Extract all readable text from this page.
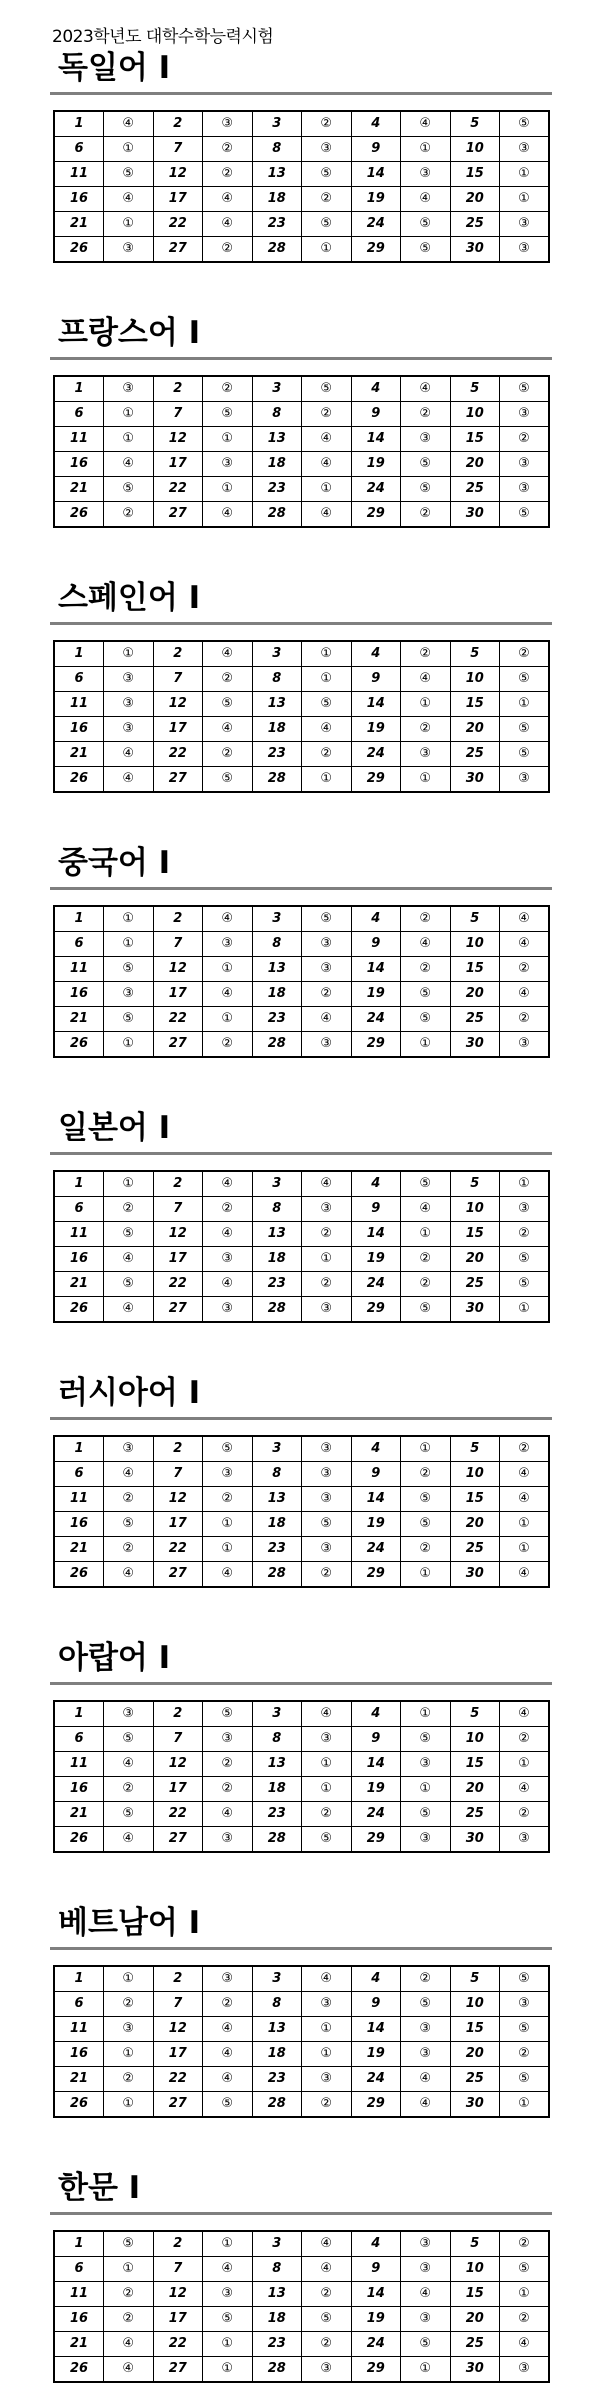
2023학년도 대학수학능력시험
독일어 I
1	④	2	③	3	②	4	④	5	⑤
6	①	7	②	8	③	9	①	10	③
11	⑤	12	②	13	⑤	14	③	15	①
16	④	17	④	18	②	19	④	20	①
21	①	22	④	23	⑤	24	⑤	25	③
26	③	27	②	28	①	29	⑤	30	③
프랑스어 I
1	③	2	②	3	⑤	4	④	5	⑤
6	①	7	⑤	8	②	9	②	10	③
11	①	12	①	13	④	14	③	15	②
16	④	17	③	18	④	19	⑤	20	③
21	⑤	22	①	23	①	24	⑤	25	③
26	②	27	④	28	④	29	②	30	⑤
스페인어 I
1	①	2	④	3	①	4	②	5	②
6	③	7	②	8	①	9	④	10	⑤
11	③	12	⑤	13	⑤	14	①	15	①
16	③	17	④	18	④	19	②	20	⑤
21	④	22	②	23	②	24	③	25	⑤
26	④	27	⑤	28	①	29	①	30	③
중국어 I
1	①	2	④	3	⑤	4	②	5	④
6	①	7	③	8	③	9	④	10	④
11	⑤	12	①	13	③	14	②	15	②
16	③	17	④	18	②	19	⑤	20	④
21	⑤	22	①	23	④	24	⑤	25	②
26	①	27	②	28	③	29	①	30	③
일본어 I
1	①	2	④	3	④	4	⑤	5	①
6	②	7	②	8	③	9	④	10	③
11	⑤	12	④	13	②	14	①	15	②
16	④	17	③	18	①	19	②	20	⑤
21	⑤	22	④	23	②	24	②	25	⑤
26	④	27	③	28	③	29	⑤	30	①
러시아어 I
1	③	2	⑤	3	③	4	①	5	②
6	④	7	③	8	③	9	②	10	④
11	②	12	②	13	③	14	⑤	15	④
16	⑤	17	①	18	⑤	19	⑤	20	①
21	②	22	①	23	③	24	②	25	①
26	④	27	④	28	②	29	①	30	④
아랍어 I
1	③	2	⑤	3	④	4	①	5	④
6	⑤	7	③	8	③	9	⑤	10	②
11	④	12	②	13	①	14	③	15	①
16	②	17	②	18	①	19	①	20	④
21	⑤	22	④	23	②	24	⑤	25	②
26	④	27	③	28	⑤	29	③	30	③
베트남어 I
1	①	2	③	3	④	4	②	5	⑤
6	②	7	②	8	③	9	⑤	10	③
11	③	12	④	13	①	14	③	15	⑤
16	①	17	④	18	①	19	③	20	②
21	②	22	④	23	③	24	④	25	⑤
26	①	27	⑤	28	②	29	④	30	①
한문 I
1	⑤	2	①	3	④	4	③	5	②
6	①	7	④	8	④	9	③	10	⑤
11	②	12	③	13	②	14	④	15	①
16	②	17	⑤	18	⑤	19	③	20	②
21	④	22	①	23	②	24	⑤	25	④
26	④	27	①	28	③	29	①	30	③
